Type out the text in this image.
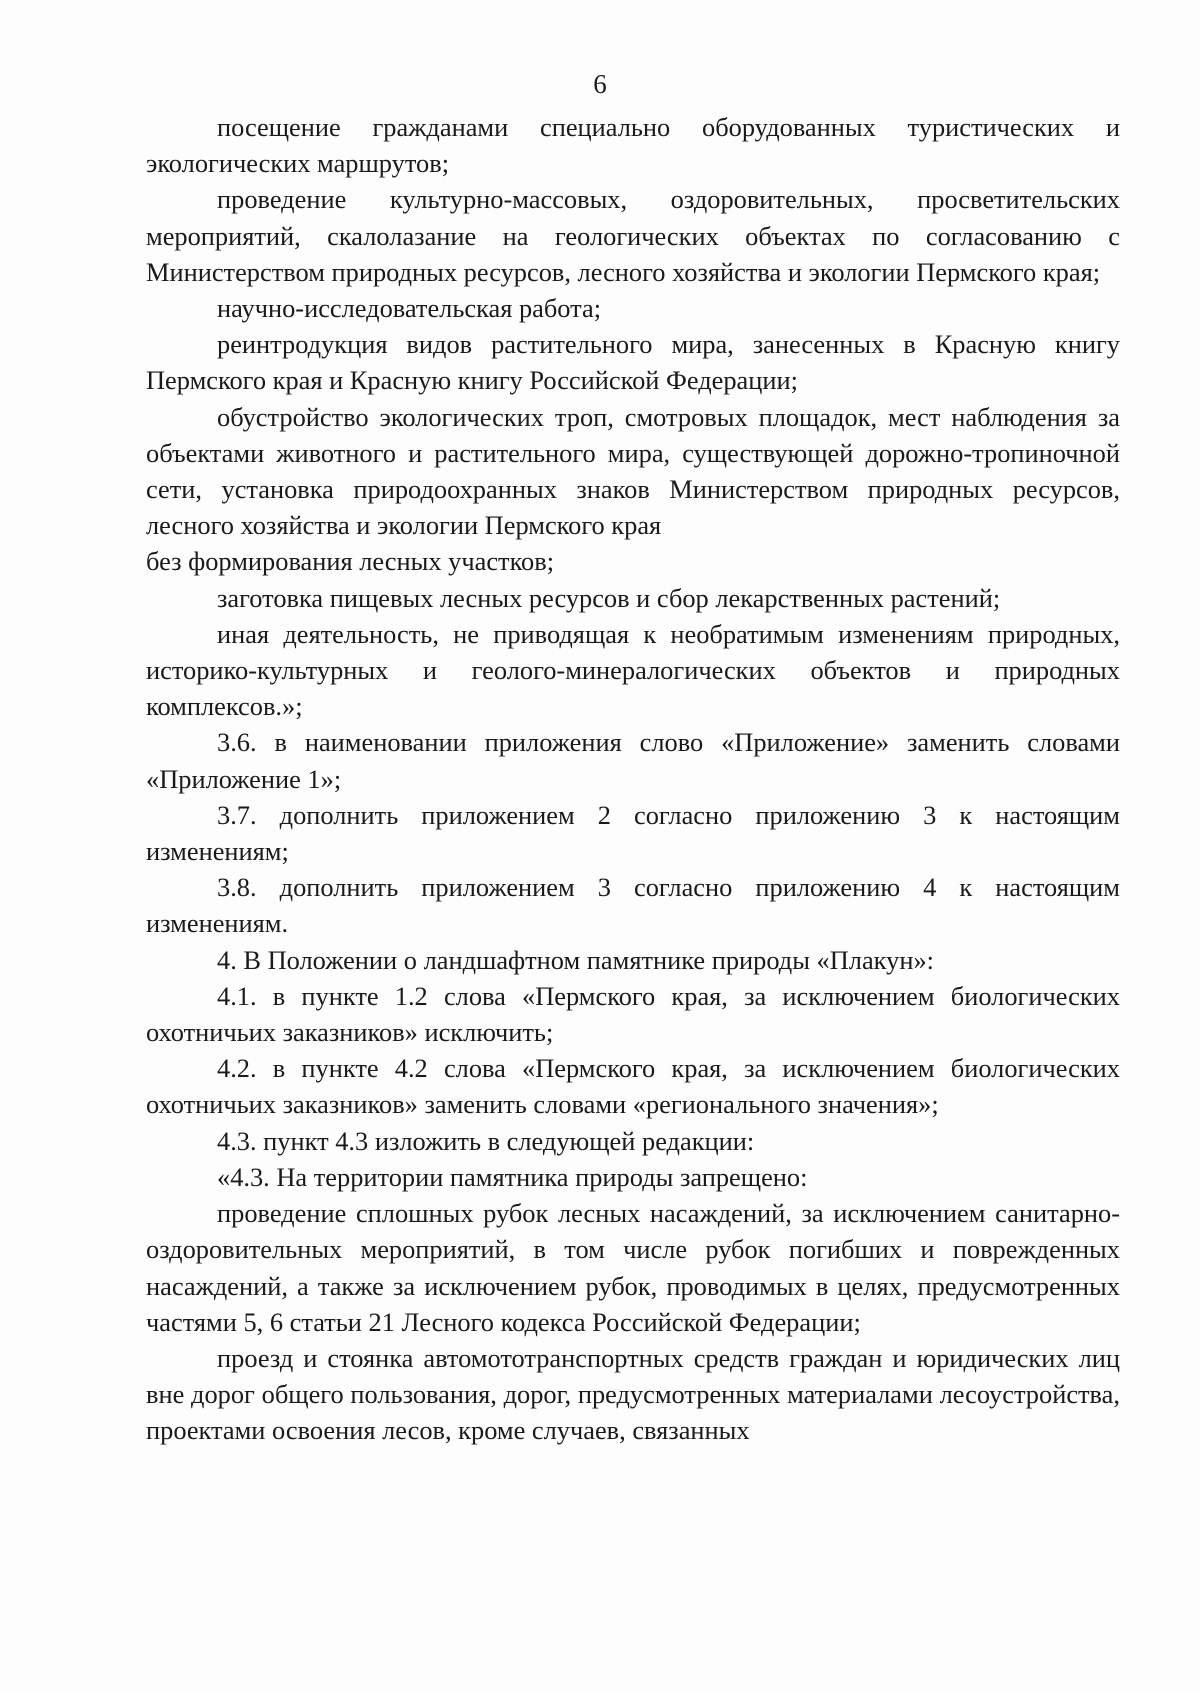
6

посещение гражданами специально оборудованных туристических и экологических маршрутов;

проведение культурно-массовых, оздоровительных, просветительских мероприятий, скалолазание на геологических объектах по согласованию с Министерством природных ресурсов, лесного хозяйства и экологии Пермского края;

научно-исследовательская работа;

реинтродукция видов растительного мира, занесенных в Красную книгу Пермского края и Красную книгу Российской Федерации;

обустройство экологических троп, смотровых площадок, мест наблюдения за объектами животного и растительного мира, существующей дорожно-тропиночной сети, установка природоохранных знаков Министерством природных ресурсов, лесного хозяйства и экологии Пермского края

без формирования лесных участков;

заготовка пищевых лесных ресурсов и сбор лекарственных растений;

иная деятельность, не приводящая к необратимым изменениям природных, историко-культурных и геолого-минералогических объектов и природных комплексов.»;

3.6. в наименовании приложения слово «Приложение» заменить словами «Приложение 1»;

3.7. дополнить приложением 2 согласно приложению 3 к настоящим изменениям;

3.8. дополнить приложением 3 согласно приложению 4 к настоящим изменениям.

4. В Положении о ландшафтном памятнике природы «Плакун»:

4.1. в пункте 1.2 слова «Пермского края, за исключением биологических охотничьих заказников» исключить;

4.2. в пункте 4.2 слова «Пермского края, за исключением биологических охотничьих заказников» заменить словами «регионального значения»;

4.3. пункт 4.3 изложить в следующей редакции:

«4.3. На территории памятника природы запрещено:

проведение сплошных рубок лесных насаждений, за исключением санитарно-оздоровительных мероприятий, в том числе рубок погибших и поврежденных насаждений, а также за исключением рубок, проводимых в целях, предусмотренных частями 5, 6 статьи 21 Лесного кодекса Российской Федерации;

проезд и стоянка автомототранспортных средств граждан и юридических лиц вне дорог общего пользования, дорог, предусмотренных материалами лесоустройства, проектами освоения лесов, кроме случаев, связанных
